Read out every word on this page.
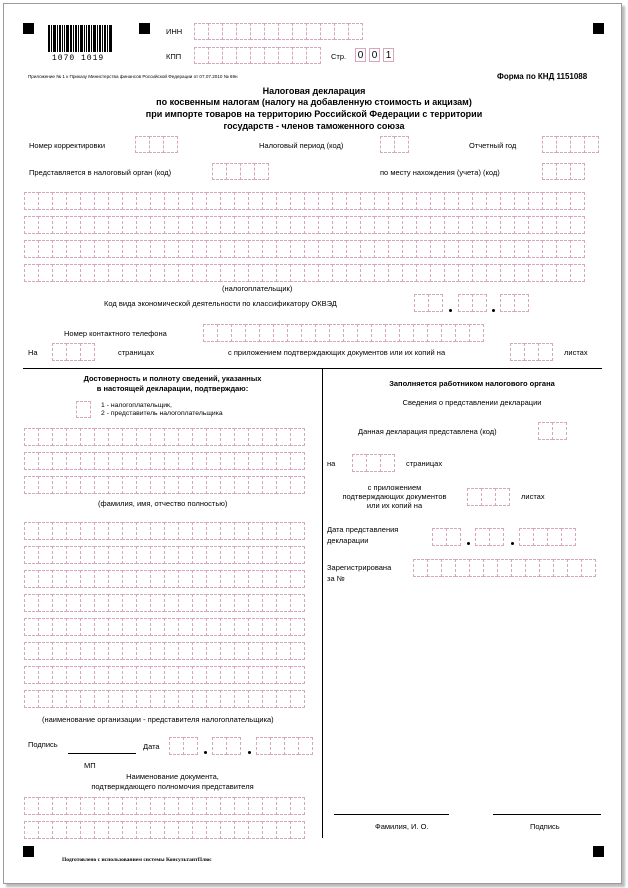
1070 1019
ИНН
КПП	Стр. 0 0 1
Приложение № 1 к Приказу Министерства финансов Российской Федерации от 07.07.2010 № 69н	Форма по КНД 1151088
Налоговая декларация
по косвенным налогам (налогу на добавленную стоимость и акцизам)
при импорте товаров на территорию Российской Федерации с территории
государств - членов таможенного союза
Номер корректировки	Налоговый период (код)	Отчетный год
Представляется в налоговый орган (код)	по месту нахождения (учета) (код)
(налогоплательщик)
Код вида экономической деятельности по классификатору ОКВЭД
Номер контактного телефона
На	страницах	с приложением подтверждающих документов или их копий на	листах
Достоверность и полноту сведений, указанных
в настоящей декларации, подтверждаю:
1 - налогоплательщик,
2 - представитель налогоплательщика
(фамилия, имя, отчество полностью)
(наименование организации - представителя налогоплательщика)
Подпись	Дата
МП
Наименование документа,
подтверждающего полномочия представителя
Заполняется работником налогового органа
Сведения о представлении декларации
Данная декларация представлена (код)
на	страницах
с приложением
подтверждающих документов
или их копий на
листах
Дата представления
декларации
Зарегистрирована
за №
Фамилия, И. О.	Подпись
Подготовлено с использованием системы КонсультантПлюс
